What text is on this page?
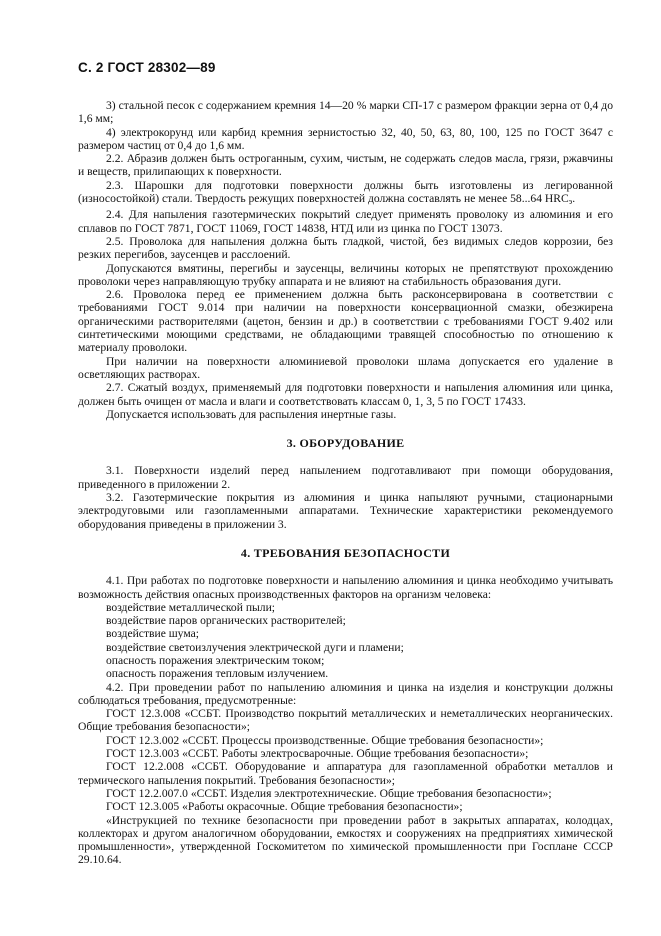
С. 2 ГОСТ 28302—89

3) стальной песок с содержанием кремния 14—20 % марки СП-17 с размером фракции зерна от 0,4 до 1,6 мм;

4) электрокорунд или карбид кремния зернистостью 32, 40, 50, 63, 80, 100, 125 по ГОСТ 3647 с размером частиц от 0,4 до 1,6 мм.

2.2. Абразив должен быть остроганным, сухим, чистым, не содержать следов масла, грязи, ржавчины и веществ, прилипающих к поверхности.

2.3. Шарошки для подготовки поверхности должны быть изготовлены из легированной (износостойкой) стали. Твердость режущих поверхностей должна составлять не менее 58...64 $HRC_э$.

2.4. Для напыления газотермических покрытий следует применять проволоку из алюминия и его сплавов по ГОСТ 7871, ГОСТ 11069, ГОСТ 14838, НТД или из цинка по ГОСТ 13073.

2.5. Проволока для напыления должна быть гладкой, чистой, без видимых следов коррозии, без резких перегибов, заусенцев и расслоений.

Допускаются вмятины, перегибы и заусенцы, величины которых не препятствуют прохождению проволоки через направляющую трубку аппарата и не влияют на стабильность образования дуги.

2.6. Проволока перед ее применением должна быть расконсервирована в соответствии с требованиями ГОСТ 9.014 при наличии на поверхности консервационной смазки, обезжирена органическими растворителями (ацетон, бензин и др.) в соответствии с требованиями ГОСТ 9.402 или синтетическими моющими средствами, не обладающими травящей способностью по отношению к материалу проволоки.

При наличии на поверхности алюминиевой проволоки шлама допускается его удаление в осветляющих растворах.

2.7. Сжатый воздух, применяемый для подготовки поверхности и напыления алюминия или цинка, должен быть очищен от масла и влаги и соответствовать классам 0, 1, 3, 5 по ГОСТ 17433.

Допускается использовать для распыления инертные газы.

3. ОБОРУДОВАНИЕ

3.1. Поверхности изделий перед напылением подготавливают при помощи оборудования, приведенного в приложении 2.

3.2. Газотермические покрытия из алюминия и цинка напыляют ручными, стационарными электродуговыми или газопламенными аппаратами. Технические характеристики рекомендуемого оборудования приведены в приложении 3.

4. ТРЕБОВАНИЯ БЕЗОПАСНОСТИ

4.1. При работах по подготовке поверхности и напылению алюминия и цинка необходимо учитывать возможность действия опасных производственных факторов на организм человека:

воздействие металлической пыли;

воздействие паров органических растворителей;

воздействие шума;

воздействие светоизлучения электрической дуги и пламени;

опасность поражения электрическим током;

опасность поражения тепловым излучением.

4.2. При проведении работ по напылению алюминия и цинка на изделия и конструкции должны соблюдаться требования, предусмотренные:

ГОСТ 12.3.008 «ССБТ. Производство покрытий металлических и неметаллических неорганических. Общие требования безопасности»;

ГОСТ 12.3.002 «ССБТ. Процессы производственные. Общие требования безопасности»;

ГОСТ 12.3.003 «ССБТ. Работы электросварочные. Общие требования безопасности»;

ГОСТ 12.2.008 «ССБТ. Оборудование и аппаратура для газопламенной обработки металлов и термического напыления покрытий. Требования безопасности»;

ГОСТ 12.2.007.0 «ССБТ. Изделия электротехнические. Общие требования безопасности»;

ГОСТ 12.3.005 «Работы окрасочные. Общие требования безопасности»;

«Инструкцией по технике безопасности при проведении работ в закрытых аппаратах, колодцах, коллекторах и другом аналогичном оборудовании, емкостях и сооружениях на предприятиях химической промышленности», утвержденной Госкомитетом по химической промышленности при Госплане СССР 29.10.64.
